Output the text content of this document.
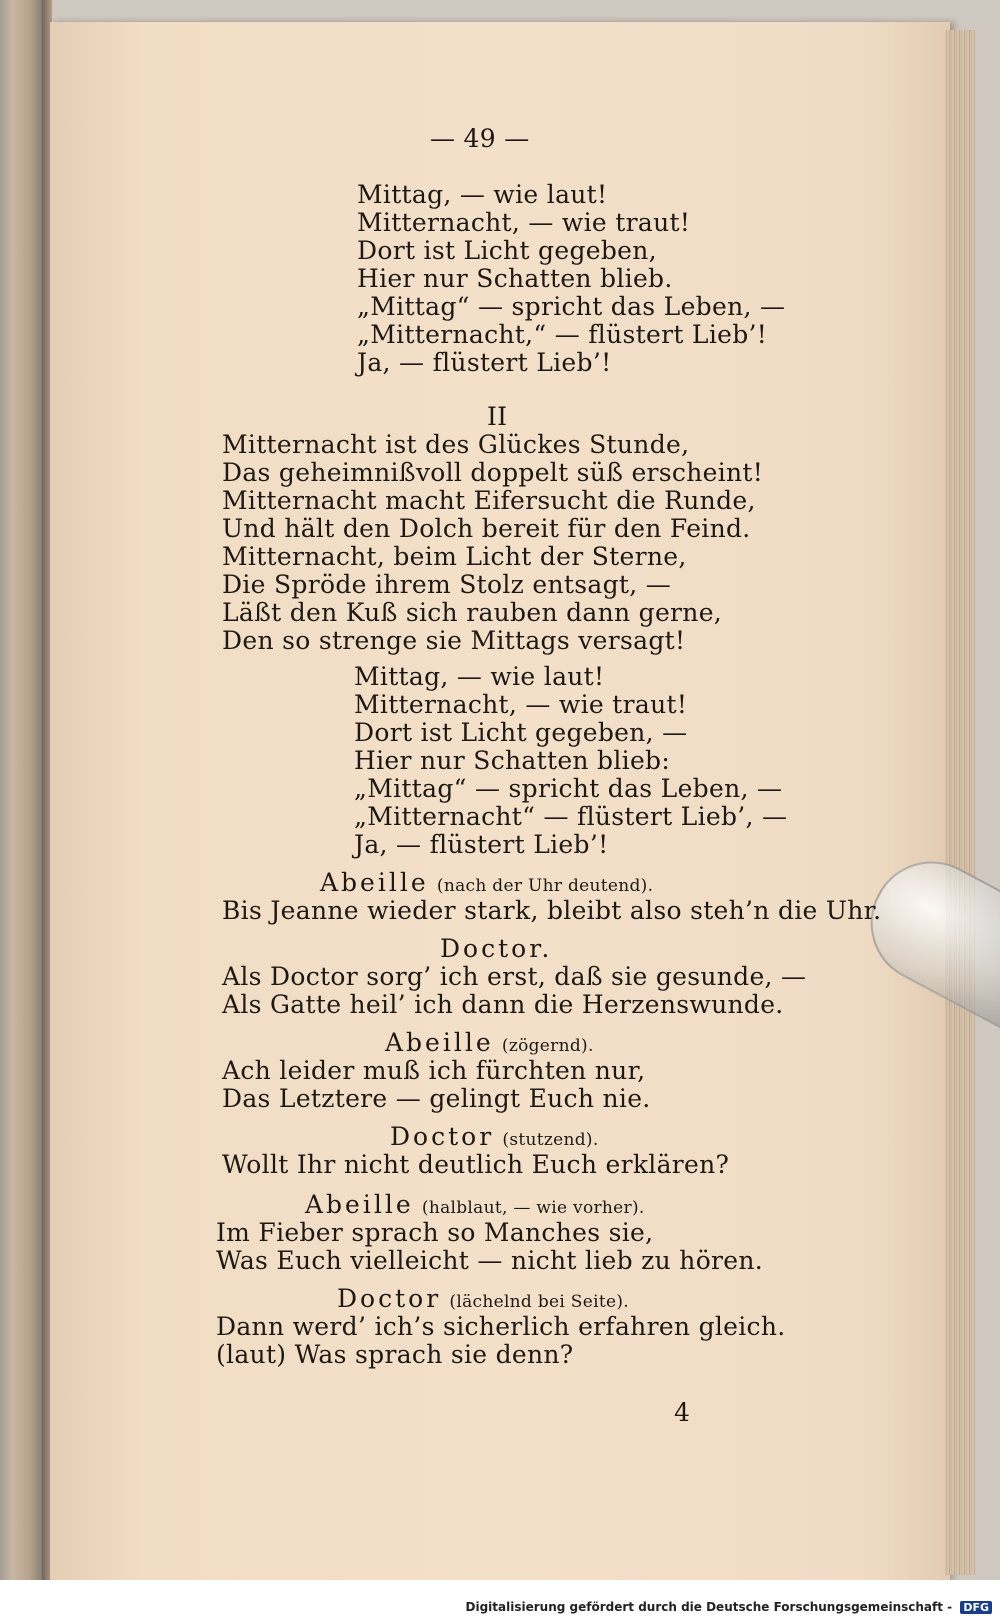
— 49 —
Mittag, — wie laut!
Mitternacht, — wie traut!
Dort ist Licht gegeben,
Hier nur Schatten blieb.
„Mittag“ — spricht das Leben, —
„Mitternacht,“ — flüstert Lieb’!
Ja, — flüstert Lieb’!
II
Mitternacht ist des Glückes Stunde,
Das geheimnißvoll doppelt süß erscheint!
Mitternacht macht Eifersucht die Runde,
Und hält den Dolch bereit für den Feind.
Mitternacht, beim Licht der Sterne,
Die Spröde ihrem Stolz entsagt, —
Läßt den Kuß sich rauben dann gerne,
Den so strenge sie Mittags versagt!
Mittag, — wie laut!
Mitternacht, — wie traut!
Dort ist Licht gegeben, —
Hier nur Schatten blieb:
„Mittag“ — spricht das Leben, —
„Mitternacht“ — flüstert Lieb’, —
Ja, — flüstert Lieb’!
Abeille (nach der Uhr deutend).
Bis Jeanne wieder stark, bleibt also steh’n die Uhr.
Doctor.
Als Doctor sorg’ ich erst, daß sie gesunde, —
Als Gatte heil’ ich dann die Herzenswunde.
Abeille (zögernd).
Ach leider muß ich fürchten nur,
Das Letztere — gelingt Euch nie.
Doctor (stutzend).
Wollt Ihr nicht deutlich Euch erklären?
Abeille (halblaut, — wie vorher).
Im Fieber sprach so Manches sie,
Was Euch vielleicht — nicht lieb zu hören.
Doctor (lächelnd bei Seite).
Dann werd’ ich’s sicherlich erfahren gleich.
(laut) Was sprach sie denn?
4
Digitalisierung gefördert durch die Deutsche Forschungsgemeinschaft - DFG
